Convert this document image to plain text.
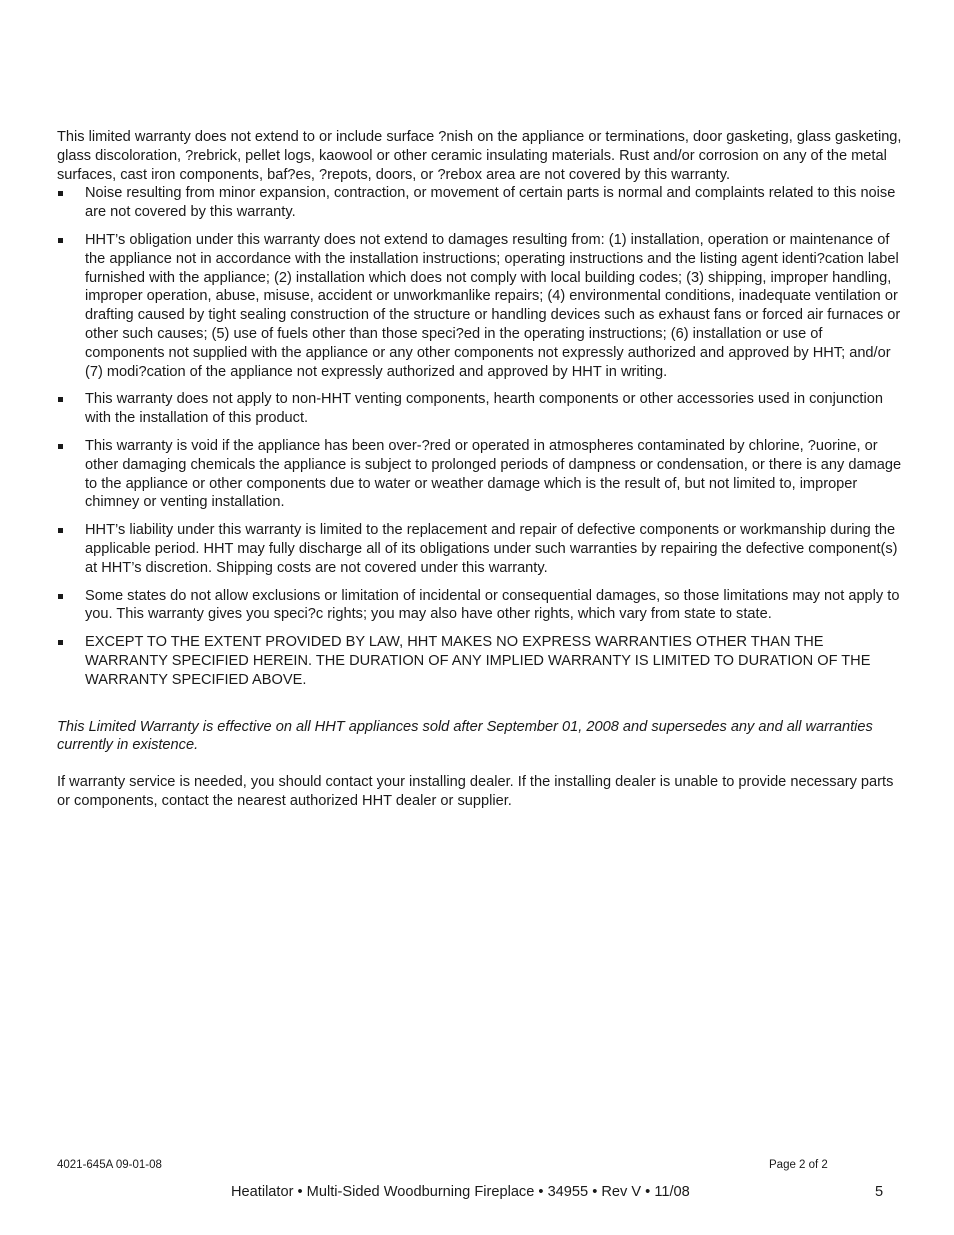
This limited warranty does not extend to or include surface ?nish on the appliance or terminations, door gasketing, glass gasketing, glass discoloration, ?rebrick, pellet logs, kaowool or other ceramic insulating materials. Rust and/or corrosion on any of the metal surfaces, cast iron components, baf?es, ?repots, doors, or ?rebox area are not covered by this warranty.

Noise resulting from minor expansion, contraction, or movement of certain parts is normal and complaints related to this noise are not covered by this warranty.
HHT’s obligation under this warranty does not extend to damages resulting from: (1) installation, operation or maintenance of the appliance not in accordance with the installation instructions; operating instructions and the listing agent identi?cation label furnished with the appliance; (2) installation which does not comply with local building codes; (3) shipping, improper handling, improper operation, abuse, misuse, accident or unworkmanlike repairs; (4) environmental conditions, inadequate ventilation or drafting caused by tight sealing construction of the structure or handling devices such as exhaust fans or forced air furnaces or other such causes; (5) use of fuels other than those speci?ed in the operating instructions; (6) installation or use of components not supplied with the appliance or any other components not expressly authorized and approved by HHT; and/or (7) modi?cation of the appliance not expressly authorized and approved by HHT in writing.
This warranty does not apply to non-HHT venting components, hearth components or other accessories used in conjunction with the installation of this product.
This warranty is void if the appliance has been over-?red or operated in atmospheres contaminated by chlorine, ?uorine, or other damaging chemicals the appliance is subject to prolonged periods of dampness or condensation, or there is any damage to the appliance or other components due to water or weather damage which is the result of, but not limited to, improper chimney or venting installation.
HHT’s liability under this warranty is limited to the replacement and repair of defective components or workmanship during the applicable period. HHT may fully discharge all of its obligations under such warranties by repairing the defective component(s) at HHT’s discretion. Shipping costs are not covered under this warranty.
Some states do not allow exclusions or limitation of incidental or consequential damages, so those limitations may not apply to you. This warranty gives you speci?c rights; you may also have other rights, which vary from state to state.
EXCEPT TO THE EXTENT PROVIDED BY LAW, HHT MAKES NO EXPRESS WARRANTIES OTHER THAN THE WARRANTY SPECIFIED HEREIN. THE DURATION OF ANY IMPLIED WARRANTY IS LIMITED TO DURATION OF THE WARRANTY SPECIFIED ABOVE.

This Limited Warranty is effective on all HHT appliances sold after September 01, 2008 and supersedes any and all warranties currently in existence.

If warranty service is needed, you should contact your installing dealer. If the installing dealer is unable to provide necessary parts or components, contact the nearest authorized HHT dealer or supplier.

4021-645A 09-01-08	Page 2 of 2
Heatilator • Multi-Sided Woodburning Fireplace • 34955 • Rev V • 11/08	5
